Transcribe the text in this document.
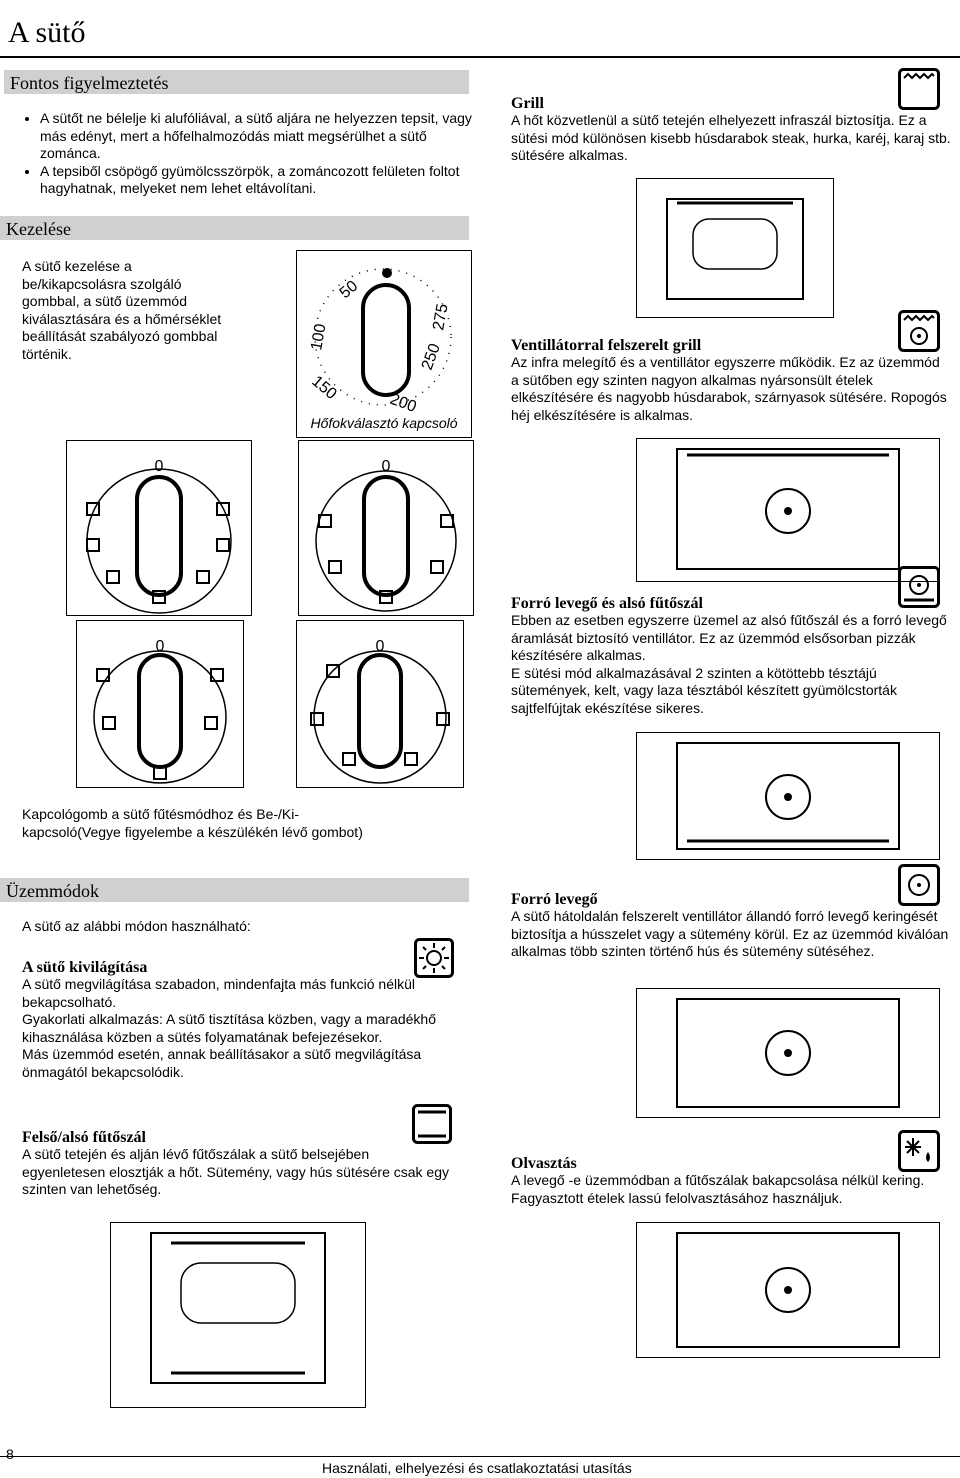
A sütő
Fontos figyelmeztetés
• A sütőt ne bélelje ki alufóliával, a sütő aljára ne helyezzen tepsit, vagy más edényt, mert a hőfelhalmozódás miatt megsérülhet a sütő zománca.
• A tepsiből csöpögő gyümölcsszörpök, a zománcozott felületen foltot hagyhatnak, melyeket nem lehet eltávolítani.
Kezelése
A sütő kezelése a be/kikapcsolásra szolgáló gombbal, a sütő üzemmód kiválasztására és a hőmérséklet beállítását szabályozó gombbal történik.
50
100
150
200
250
275
Hőfokválasztó kapcsoló
0	0
0	0
Kapcológomb a sütő fűtésmódhoz és Be-/Ki-kapcsoló(Vegye figyelembe a készülékén lévő gombot)
Üzemmódok
A sütő az alábbi módon használható:
A sütő kivilágítása
A sütő megvilágítása szabadon, mindenfajta más funkció nélkül bekapcsolható.
Gyakorlati alkalmazás: A sütő tisztítása közben, vagy a maradékhő kihasználása közben a sütés folyamatának befejezésekor.
Más üzemmód esetén, annak beállításakor a sütő megvilágítása önmagától bekapcsolódik.
Felső/alsó fűtőszál
A sütő tetején és alján lévő fűtőszálak a sütő belsejében egyenletesen elosztják a hőt. Sütemény, vagy hús sütésére csak egy szinten van lehetőség.
Grill
A hőt közvetlenül a sütő tetején elhelyezett infraszál biztosítja. Ez a sütési mód különösen kisebb húsdarabok steak, hurka, karéj, karaj stb. sütésére alkalmas.
Ventillátorral felszerelt grill
Az infra melegítő és a ventillátor egyszerre működik. Ez az üzemmód a sütőben egy szinten nagyon alkalmas nyársonsült ételek elkészítésére és nagyobb húsdarabok, szárnyasok sütésére. Ropogós héj elkészítésére is alkalmas.
Forró levegő és alsó fűtőszál
Ebben az esetben egyszerre üzemel az alsó fűtőszál és a forró levegő áramlását biztosító ventillátor. Ez az üzemmód elsősorban pizzák készítésére alkalmas.
E sütési mód alkalmazásával 2 szinten a kötöttebb tésztájú sütemények, kelt, vagy laza tésztából készített gyümölcstorták sajtfelfújtak ekészítése sikeres.
Forró levegő
A sütő hátoldalán felszerelt ventillátor állandó forró levegő keringését biztosítja a hússzelet vagy a sütemény körül. Ez az üzemmód kiválóan alkalmas több szinten történő hús és sütemény sütéséhez.
Olvasztás
A levegő -e üzemmódban a fűtőszálak bakapcsolása nélkül kering. Fagyasztott ételek lassú felolvasztásához használjuk.
8
Használati, elhelyezési és csatlakoztatási utasítás
